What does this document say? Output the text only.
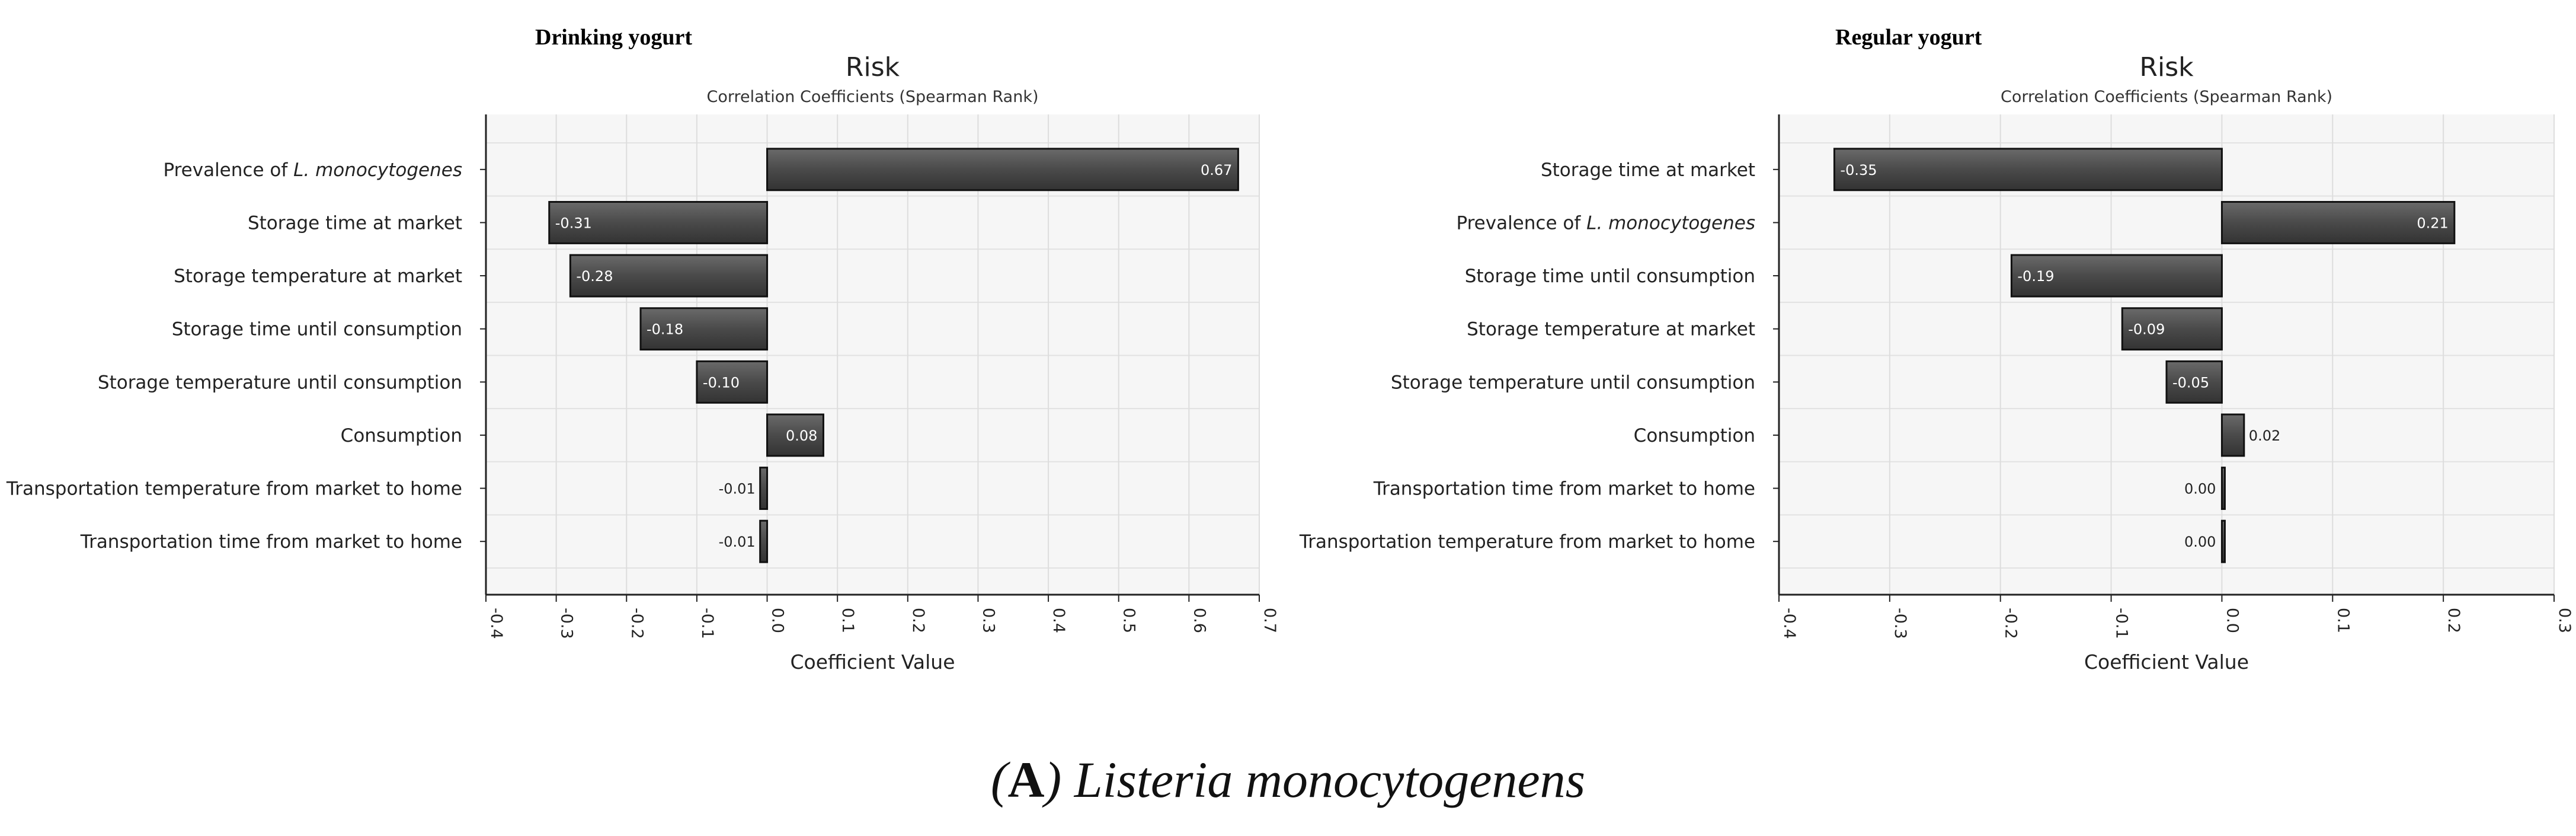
Drinking yogurt
Risk
Correlation Coefficients (Spearman Rank)
-0.4	-0.3	-0.2	-0.1	0.0	0.1	0.2	0.3	0.4	0.5	0.6	0.7
Prevalence of L. monocytogenes	0.67
Storage time at market	-0.31
Storage temperature at market	-0.28
Storage time until consumption	-0.18
Storage temperature until consumption	-0.10
Consumption	0.08
Transportation temperature from market to home	-0.01
Transportation time from market to home	-0.01
Coefficient Value
Regular yogurt
Risk
Correlation Coefficients (Spearman Rank)
-0.4	-0.3	-0.2	-0.1	0.0	0.1	0.2	0.3
Storage time at market	-0.35
Prevalence of L. monocytogenes	0.21
Storage time until consumption	-0.19
Storage temperature at market	-0.09
Storage temperature until consumption	-0.05
Consumption	0.02
Transportation time from market to home	0.00
Transportation temperature from market to home	0.00
Coefficient Value
(A) Listeria monocytogenens
